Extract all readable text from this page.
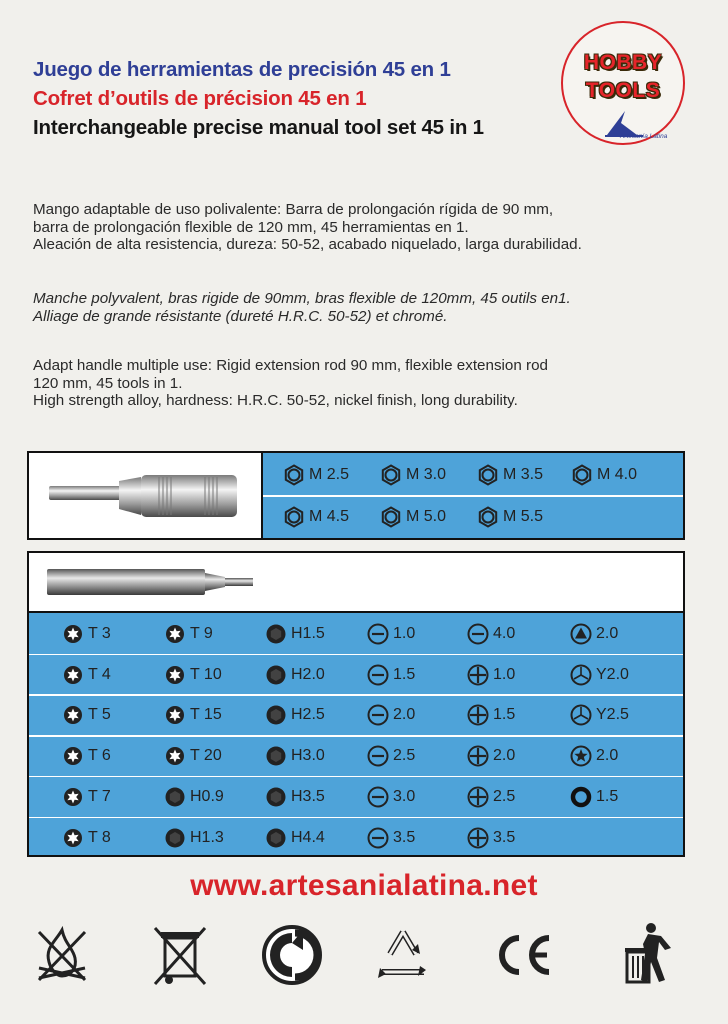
Juego de herramientas de precisión 45 en 1
Cofret d’outils de précision 45 en 1
Interchangeable precise manual tool set 45 in 1
HOBBY
TOOLS
Artesanía Latina
Mango adaptable de uso polivalente: Barra de prolongación rígida de 90 mm,
barra de prolongación flexible de 120 mm, 45 herramientas en 1.
Aleación de alta resistencia, dureza: 50-52, acabado niquelado, larga durabilidad.
Manche polyvalent, bras rigide de 90mm, bras flexible de 120mm, 45 outils en1.
Alliage de grande résistante (dureté H.R.C. 50-52) et chromé.
Adapt handle multiple use: Rigid extension rod 90 mm, flexible extension rod
120 mm, 45 tools in 1.
High strength alloy, hardness: H.R.C. 50-52, nickel finish, long durability.
M 2.5	M 3.0	M 3.5	M 4.0
M 4.5	M 5.0	M 5.5
T 3	T 9	H1.5	1.0	4.0	2.0
T 4	T 10	H2.0	1.5	1.0	Y2.0
T 5	T 15	H2.5	2.0	1.5	Y2.5
T 6	T 20	H3.0	2.5	2.0	2.0
T 7	H0.9	H3.5	3.0	2.5	1.5
T 8	H1.3	H4.4	3.5	3.5
www.artesanialatina.net
